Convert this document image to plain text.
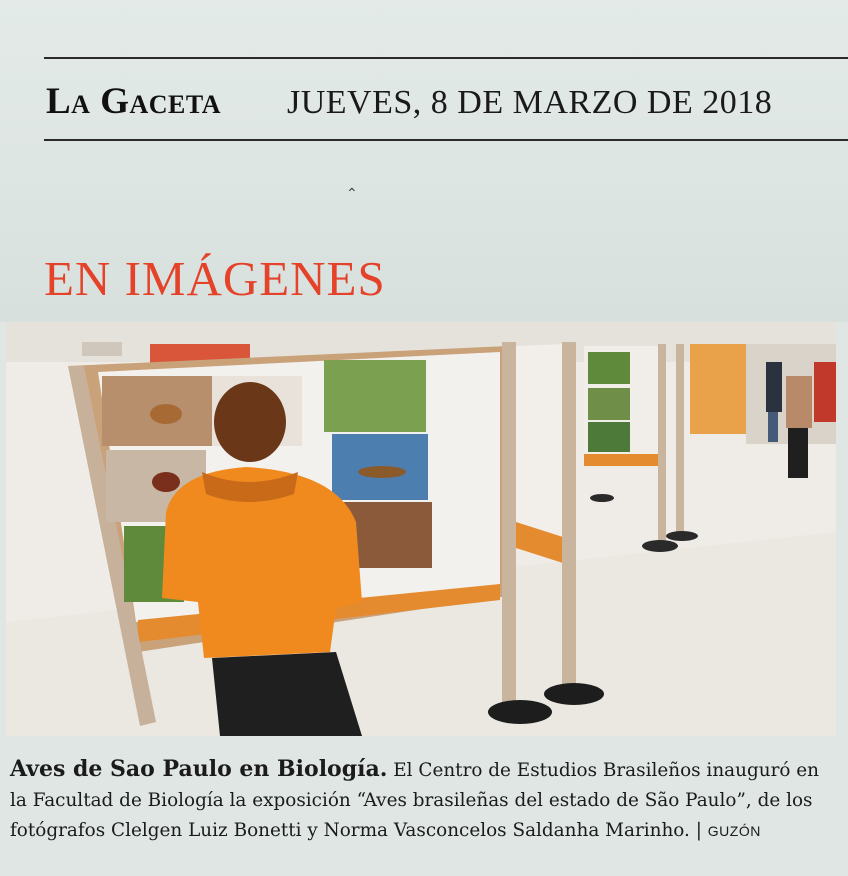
La Gaceta JUEVES, 8 DE MARZO DE 2018
⌃
EN IMÁGENES
Aves de Sao Paulo en Biología. El Centro de Estudios Brasileños inauguró en la Facultad de Biología la exposición “Aves brasileñas del estado de São Paulo”, de los fotógrafos Clelgen Luiz Bonetti y Norma Vasconcelos Saldanha Marinho. | GUZÓN
